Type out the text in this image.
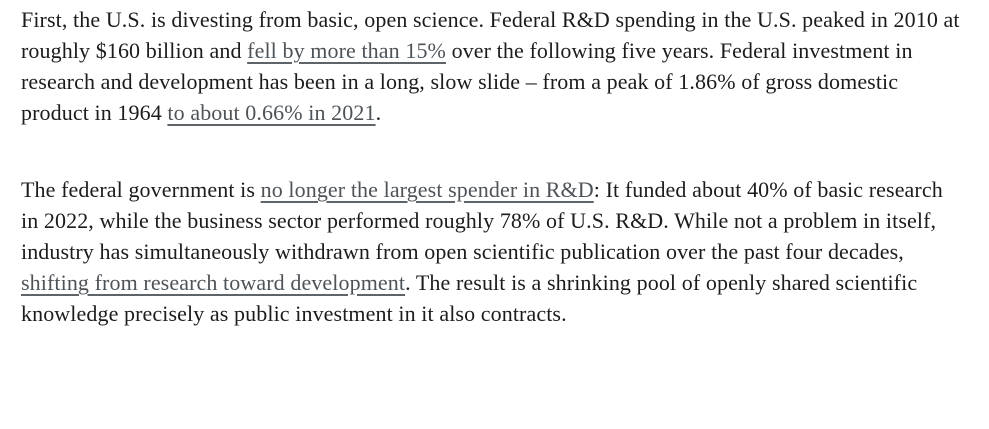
First, the U.S. is divesting from basic, open science. Federal R&D spending in the U.S. peaked in 2010 at roughly $160 billion and fell by more than 15% over the following five years. Federal investment in research and development has been in a long, slow slide – from a peak of 1.86% of gross domestic product in 1964 to about 0.66% in 2021.

The federal government is no longer the largest spender in R&D: It funded about 40% of basic research in 2022, while the business sector performed roughly 78% of U.S. R&D. While not a problem in itself, industry has simultaneously withdrawn from open scientific publication over the past four decades, shifting from research toward development. The result is a shrinking pool of openly shared scientific knowledge precisely as public investment in it also contracts.
